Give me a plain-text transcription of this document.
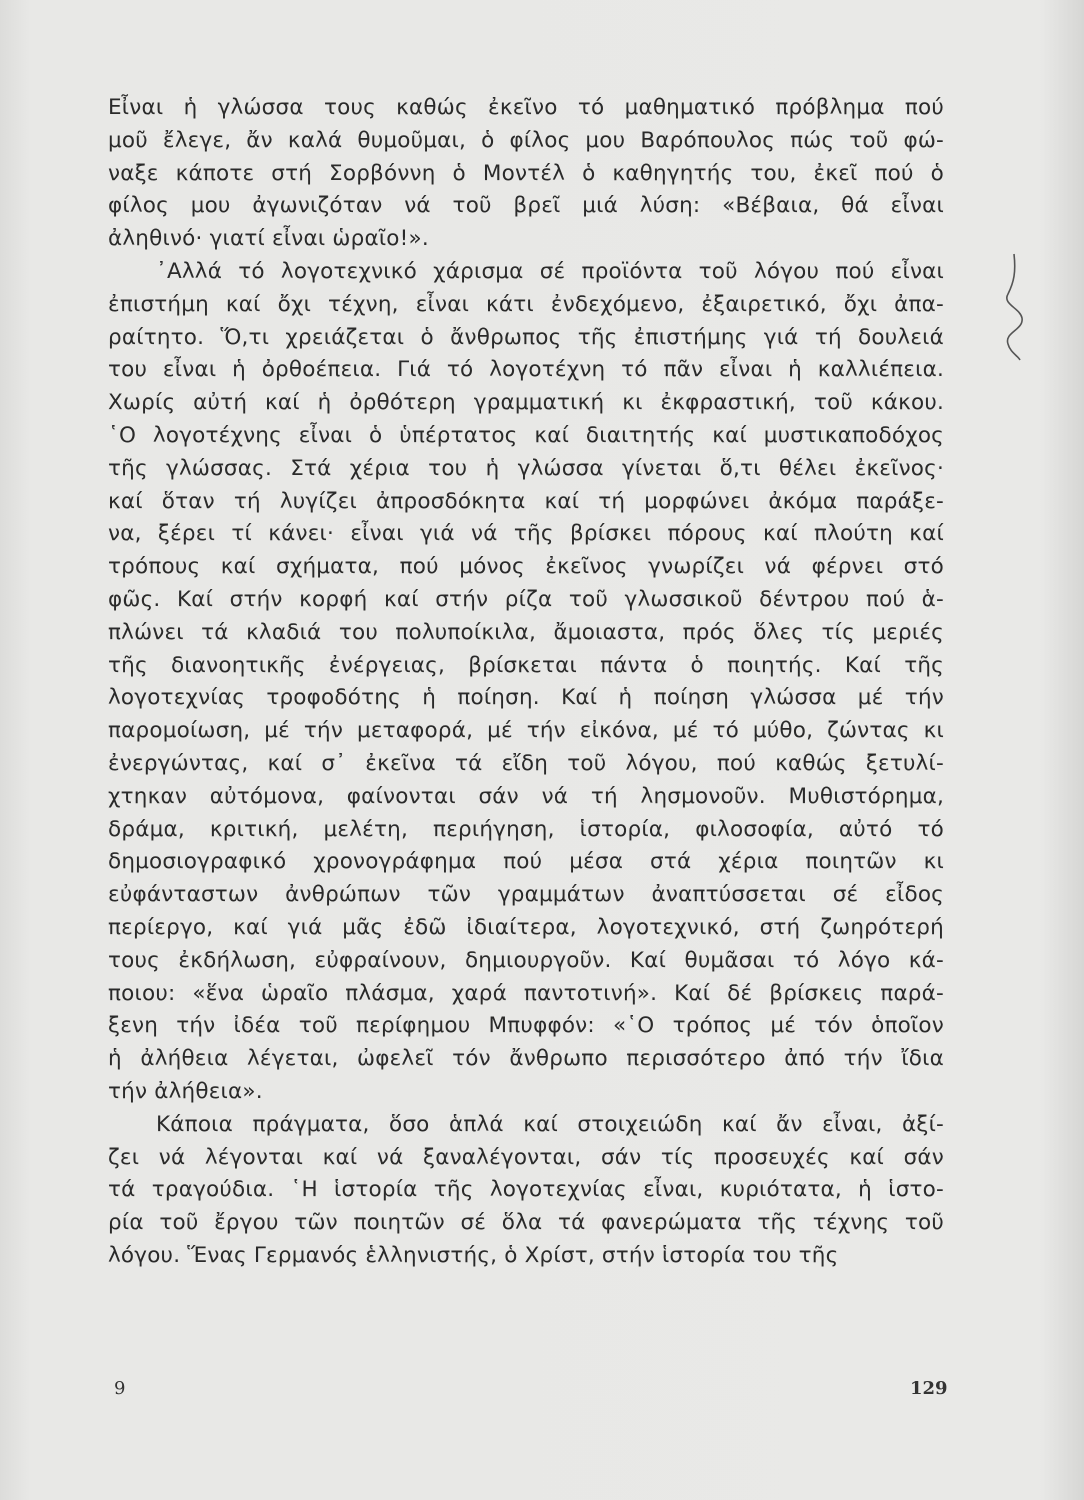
Εἶναι ἡ γλώσσα τους καθώς ἐκεῖνο τό μαθηματικό πρόβλημα πού
μοῦ ἔλεγε, ἄν καλά θυμοῦμαι, ὁ φίλος μου Βαρόπουλος πώς τοῦ φώ-
ναξε κάποτε στή Σορβόννη ὁ Μοντέλ ὁ καθηγητής του, ἐκεῖ πού ὁ
φίλος μου ἀγωνιζόταν νά τοῦ βρεῖ μιά λύση: «Βέβαια, θά εἶναι
ἀληθινό· γιατί εἶναι ὡραῖο!».
᾿Αλλά τό λογοτεχνικό χάρισμα σέ προϊόντα τοῦ λόγου πού εἶναι
ἐπιστήμη καί ὄχι τέχνη, εἶναι κάτι ἐνδεχόμενο, ἐξαιρετικό, ὄχι ἀπα-
ραίτητο. Ὅ,τι χρειάζεται ὁ ἄνθρωπος τῆς ἐπιστήμης γιά τή δουλειά
του εἶναι ἡ ὀρθοέπεια. Γιά τό λογοτέχνη τό πᾶν εἶναι ἡ καλλιέπεια.
Χωρίς αὐτή καί ἡ ὀρθότερη γραμματική κι ἐκφραστική, τοῦ κάκου.
῾Ο λογοτέχνης εἶναι ὁ ὑπέρτατος καί διαιτητής καί μυστικαποδόχος
τῆς γλώσσας. Στά χέρια του ἡ γλώσσα γίνεται ὅ,τι θέλει ἐκεῖνος·
καί ὅταν τή λυγίζει ἀπροσδόκητα καί τή μορφώνει ἀκόμα παράξε-
να, ξέρει τί κάνει· εἶναι γιά νά τῆς βρίσκει πόρους καί πλούτη καί
τρόπους καί σχήματα, πού μόνος ἐκεῖνος γνωρίζει νά φέρνει στό
φῶς. Καί στήν κορφή καί στήν ρίζα τοῦ γλωσσικοῦ δέντρου πού ἁ-
πλώνει τά κλαδιά του πολυποίκιλα, ἄμοιαστα, πρός ὅλες τίς μεριές
τῆς διανοητικῆς ἐνέργειας, βρίσκεται πάντα ὁ ποιητής. Καί τῆς
λογοτεχνίας τροφοδότης ἡ ποίηση. Καί ἡ ποίηση γλώσσα μέ τήν
παρομοίωση, μέ τήν μεταφορά, μέ τήν εἰκόνα, μέ τό μύθο, ζώντας κι
ἐνεργώντας, καί σ᾿ ἐκεῖνα τά εἴδη τοῦ λόγου, πού καθώς ξετυλί-
χτηκαν αὐτόμονα, φαίνονται σάν νά τή λησμονοῦν. Μυθιστόρημα,
δράμα, κριτική, μελέτη, περιήγηση, ἱστορία, φιλοσοφία, αὐτό τό
δημοσιογραφικό χρονογράφημα πού μέσα στά χέρια ποιητῶν κι
εὐφάνταστων ἀνθρώπων τῶν γραμμάτων ἀναπτύσσεται σέ εἶδος
περίεργο, καί γιά μᾶς ἐδῶ ἰδιαίτερα, λογοτεχνικό, στή ζωηρότερή
τους ἐκδήλωση, εὐφραίνουν, δημιουργοῦν. Καί θυμᾶσαι τό λόγο κά-
ποιου: «ἕνα ὡραῖο πλάσμα, χαρά παντοτινή». Καί δέ βρίσκεις παρά-
ξενη τήν ἰδέα τοῦ περίφημου Μπυφφόν: «῾Ο τρόπος μέ τόν ὁποῖον
ἡ ἀλήθεια λέγεται, ὠφελεῖ τόν ἄνθρωπο περισσότερο ἀπό τήν ἴδια
τήν ἀλήθεια».
Κάποια πράγματα, ὅσο ἁπλά καί στοιχειώδη καί ἄν εἶναι, ἀξί-
ζει νά λέγονται καί νά ξαναλέγονται, σάν τίς προσευχές καί σάν
τά τραγούδια. ῾Η ἱστορία τῆς λογοτεχνίας εἶναι, κυριότατα, ἡ ἱστο-
ρία τοῦ ἔργου τῶν ποιητῶν σέ ὅλα τά φανερώματα τῆς τέχνης τοῦ
λόγου. Ἕνας Γερμανός ἑλληνιστής, ὁ Χρίστ, στήν ἱστορία του τῆς
9	129
